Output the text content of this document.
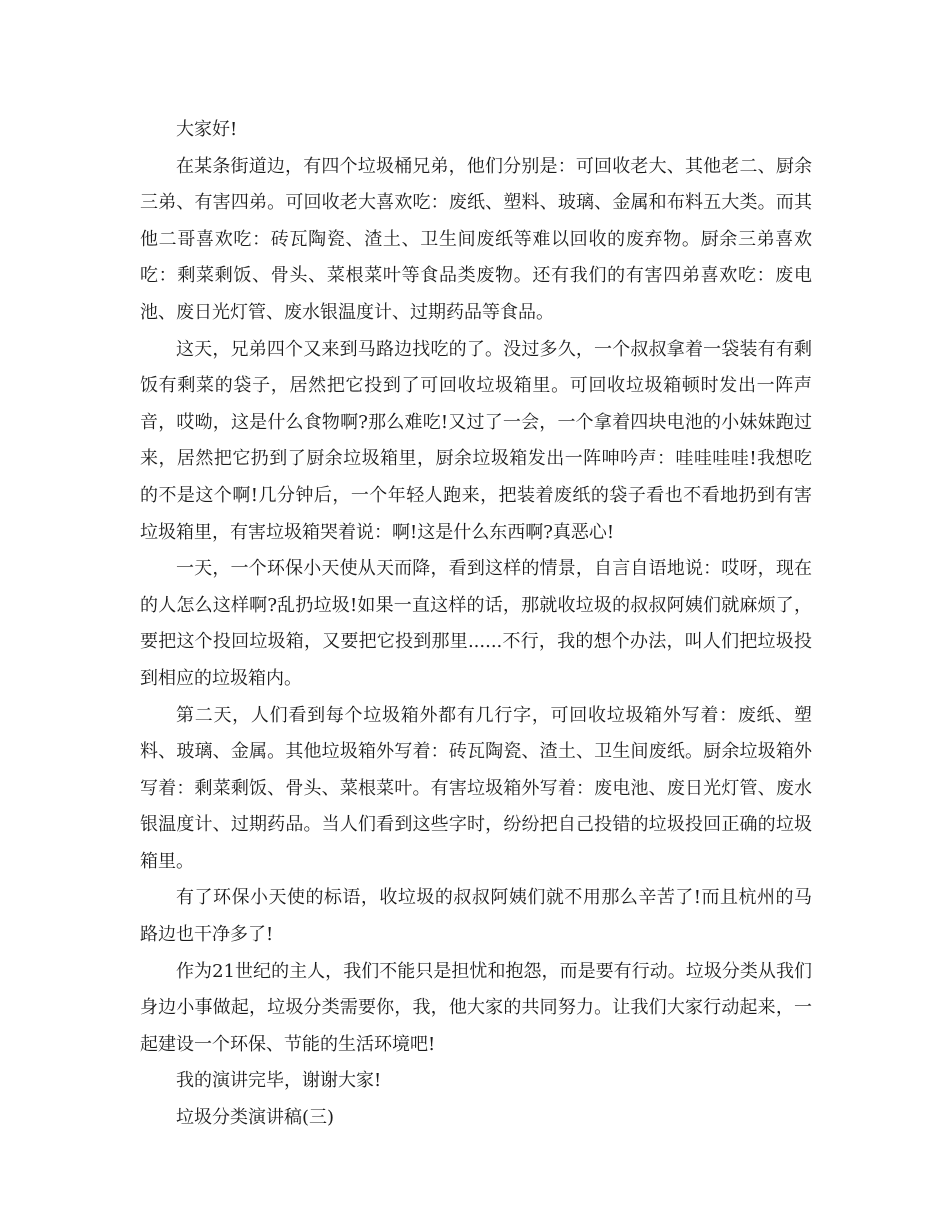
大家好!

在某条街道边，有四个垃圾桶兄弟，他们分别是：可回收老大、其他老二、厨余三弟、有害四弟。可回收老大喜欢吃：废纸、塑料、玻璃、金属和布料五大类。而其他二哥喜欢吃：砖瓦陶瓷、渣土、卫生间废纸等难以回收的废弃物。厨余三弟喜欢吃：剩菜剩饭、骨头、菜根菜叶等食品类废物。还有我们的有害四弟喜欢吃：废电池、废日光灯管、废水银温度计、过期药品等食品。

这天，兄弟四个又来到马路边找吃的了。没过多久，一个叔叔拿着一袋装有有剩饭有剩菜的袋子，居然把它投到了可回收垃圾箱里。可回收垃圾箱顿时发出一阵声音，哎呦，这是什么食物啊?那么难吃!又过了一会，一个拿着四块电池的小妹妹跑过来，居然把它扔到了厨余垃圾箱里，厨余垃圾箱发出一阵呻吟声：哇哇哇哇!我想吃的不是这个啊!几分钟后，一个年轻人跑来，把装着废纸的袋子看也不看地扔到有害垃圾箱里，有害垃圾箱哭着说：啊!这是什么东西啊?真恶心!

一天，一个环保小天使从天而降，看到这样的情景，自言自语地说：哎呀，现在的人怎么这样啊?乱扔垃圾!如果一直这样的话，那就收垃圾的叔叔阿姨们就麻烦了，要把这个投回垃圾箱，又要把它投到那里......不行，我的想个办法，叫人们把垃圾投到相应的垃圾箱内。

第二天，人们看到每个垃圾箱外都有几行字，可回收垃圾箱外写着：废纸、塑料、玻璃、金属。其他垃圾箱外写着：砖瓦陶瓷、渣土、卫生间废纸。厨余垃圾箱外写着：剩菜剩饭、骨头、菜根菜叶。有害垃圾箱外写着：废电池、废日光灯管、废水银温度计、过期药品。当人们看到这些字时，纷纷把自己投错的垃圾投回正确的垃圾箱里。

有了环保小天使的标语，收垃圾的叔叔阿姨们就不用那么辛苦了!而且杭州的马路边也干净多了!

作为21世纪的主人，我们不能只是担忧和抱怨，而是要有行动。垃圾分类从我们身边小事做起，垃圾分类需要你，我，他大家的共同努力。让我们大家行动起来，一起建设一个环保、节能的生活环境吧!

我的演讲完毕，谢谢大家!

垃圾分类演讲稿(三)
